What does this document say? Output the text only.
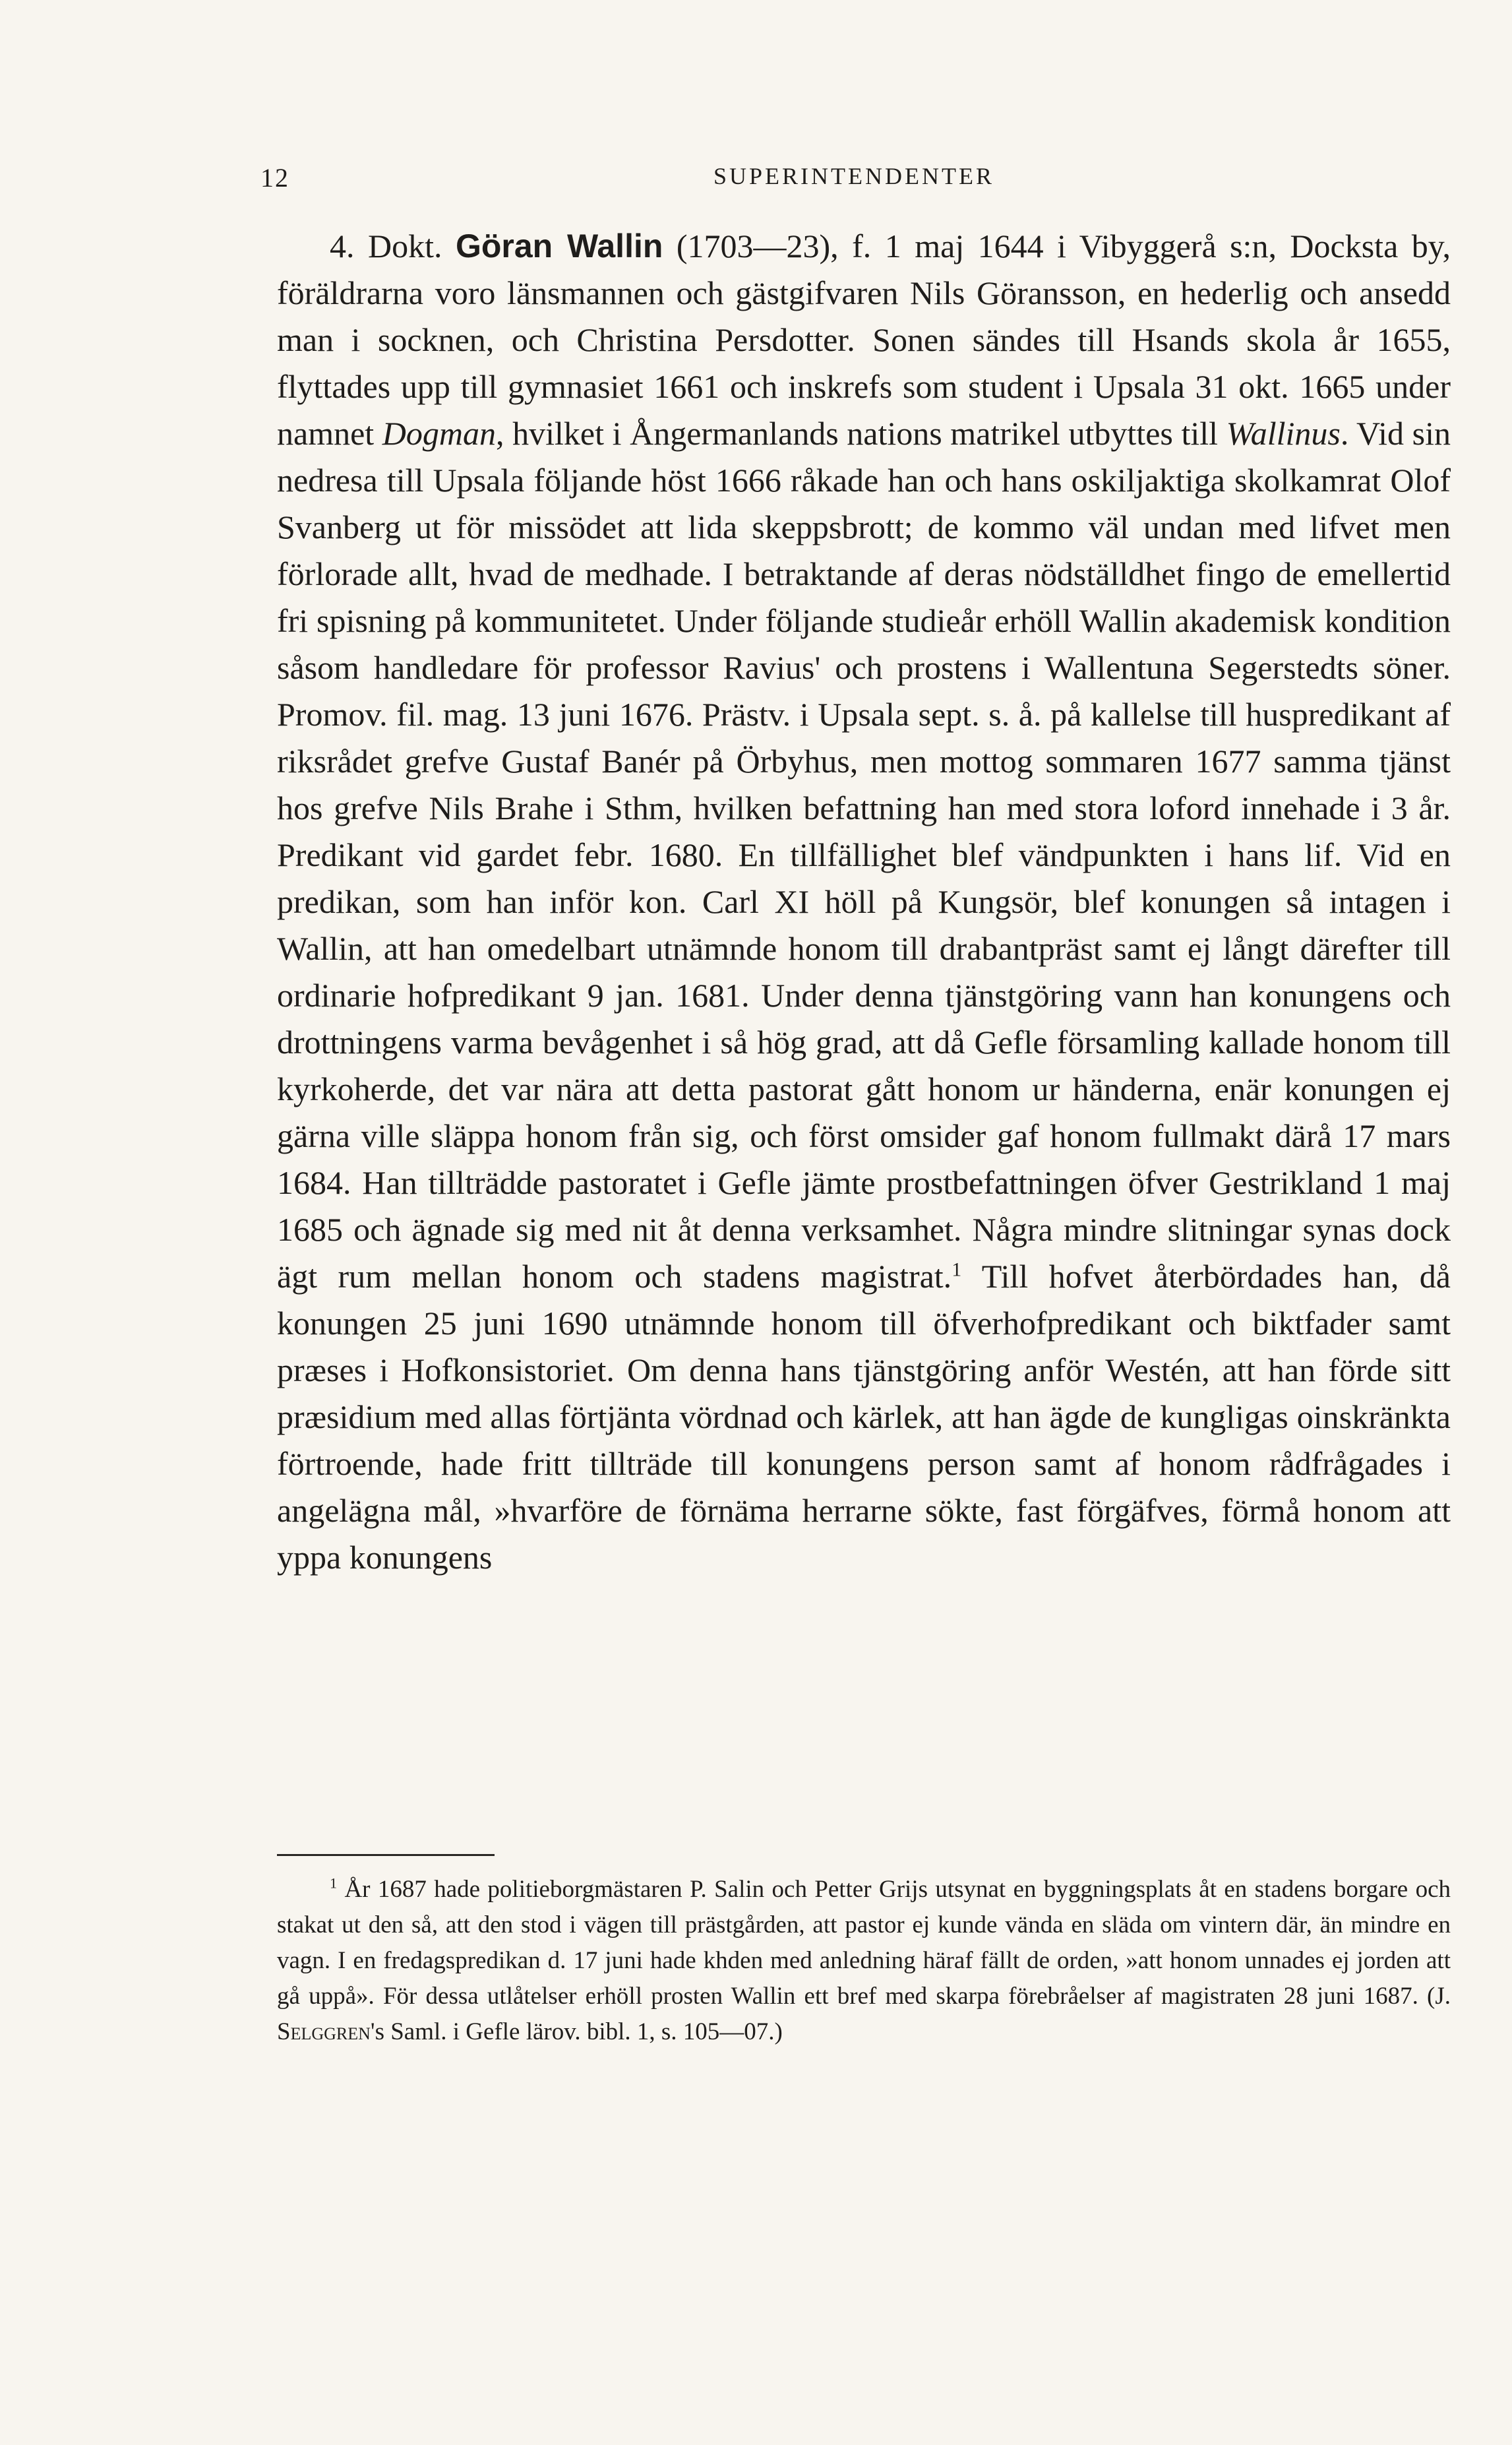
12	SUPERINTENDENTER

4. Dokt. Göran Wallin (1703—23), f. 1 maj 1644 i Vibyggerå s:n, Docksta by, föräldrarna voro länsmannen och gästgifvaren Nils Göransson, en hederlig och ansedd man i socknen, och Christina Persdotter. Sonen sändes till Hsands skola år 1655, flyttades upp till gymnasiet 1661 och inskrefs som student i Upsala 31 okt. 1665 under namnet Dogman, hvilket i Ångermanlands nations matrikel utbyttes till Wallinus. Vid sin nedresa till Upsala följande höst 1666 råkade han och hans oskiljaktiga skolkamrat Olof Svanberg ut för missödet att lida skeppsbrott; de kommo väl undan med lifvet men förlorade allt, hvad de medhade. I betraktande af deras nödställdhet fingo de emellertid fri spisning på kommunitetet. Under följande studieår erhöll Wallin akademisk kondition såsom handledare för professor Ravius' och prostens i Wallentuna Segerstedts söner. Promov. fil. mag. 13 juni 1676. Prästv. i Upsala sept. s. å. på kallelse till huspredikant af riksrådet grefve Gustaf Banér på Örbyhus, men mottog sommaren 1677 samma tjänst hos grefve Nils Brahe i Sthm, hvilken befattning han med stora loford innehade i 3 år. Predikant vid gardet febr. 1680. En tillfällighet blef vändpunkten i hans lif. Vid en predikan, som han inför kon. Carl XI höll på Kungsör, blef konungen så intagen i Wallin, att han omedelbart utnämnde honom till drabantpräst samt ej långt därefter till ordinarie hofpredikant 9 jan. 1681. Under denna tjänstgöring vann han konungens och drottningens varma bevågenhet i så hög grad, att då Gefle församling kallade honom till kyrkoherde, det var nära att detta pastorat gått honom ur händerna, enär konungen ej gärna ville släppa honom från sig, och först omsider gaf honom fullmakt därå 17 mars 1684. Han tillträdde pastoratet i Gefle jämte prostbefattningen öfver Gestrikland 1 maj 1685 och ägnade sig med nit åt denna verksamhet. Några mindre slitningar synas dock ägt rum mellan honom och stadens magistrat.$^1$ Till hofvet återbördades han, då konungen 25 juni 1690 utnämnde honom till öfverhofpredikant och biktfader samt præses i Hofkonsistoriet. Om denna hans tjänstgöring anför Westén, att han förde sitt præsidium med allas förtjänta vördnad och kärlek, att han ägde de kungligas oinskränkta förtroende, hade fritt tillträde till konungens person samt af honom rådfrågades i angelägna mål, »hvarföre de förnäma herrarne sökte, fast förgäfves, förmå honom att yppa konungens

$^1$ År 1687 hade politieborgmästaren P. Salin och Petter Grijs utsynat en byggningsplats åt en stadens borgare och stakat ut den så, att den stod i vägen till prästgården, att pastor ej kunde vända en släda om vintern där, än mindre en vagn. I en fredagspredikan d. 17 juni hade khden med anledning häraf fällt de orden, »att honom unnades ej jorden att gå uppå». För dessa utlåtelser erhöll prosten Wallin ett bref med skarpa förebråelser af magistraten 28 juni 1687. (J. Selggren's Saml. i Gefle lärov. bibl. 1, s. 105—07.)
